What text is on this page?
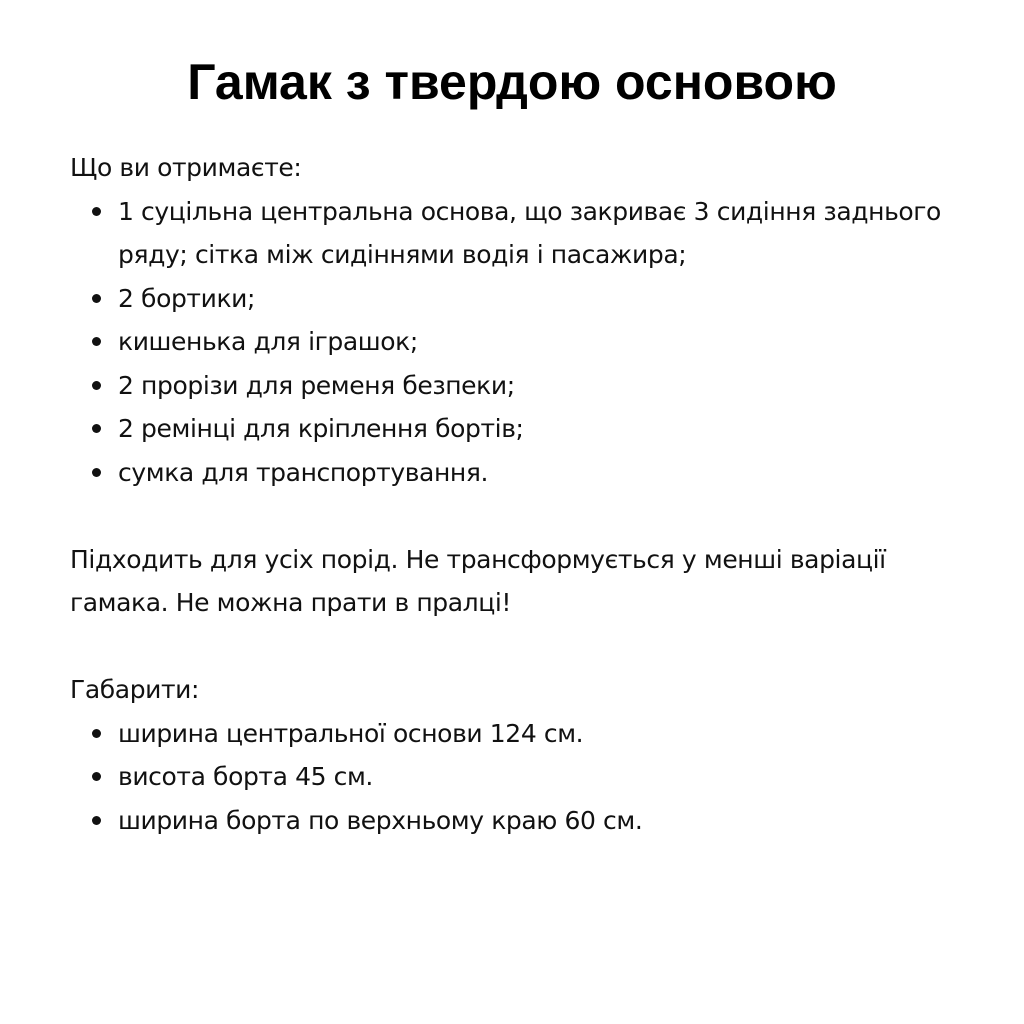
Гамак з твердою основою

Що ви отримаєте:

1 суцільна центральна основа, що закриває 3 сидіння заднього ряду; сітка між сидіннями водія і пасажира;
2 бортики;
кишенька для іграшок;
2 прорізи для ременя безпеки;
2 ремінці для кріплення бортів;
сумка для транспортування.

Підходить для усіх порід. Не трансформується у менші варіації гамака. Не можна прати в пралці!

Габарити:

ширина центральної основи 124 см.
висота борта 45 см.
ширина борта по верхньому краю 60 см.
